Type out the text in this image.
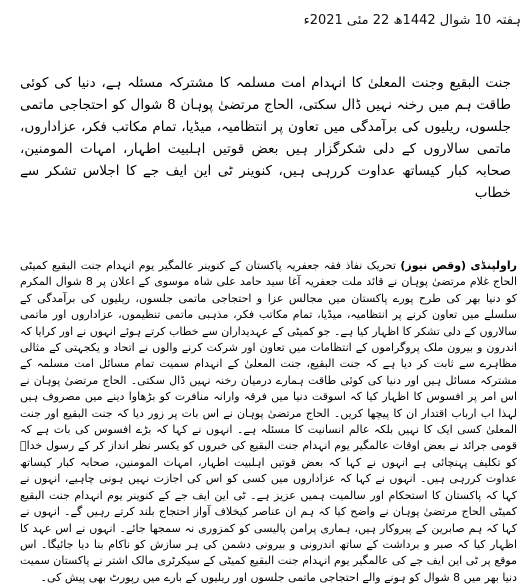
ہفتہ 10 شوال 1442ھ 22 مئی 2021ء
جنت البقیع وجنت المعلیٰ کا انہدام امت مسلمہ کا مشترکہ مسئلہ ہے، دنیا کی کوئی طاقت ہم میں رخنہ نہیں ڈال سکتی، الحاج مرتضیٰ پوہان 8 شوال کو احتجاجی ماتمی جلسوں، ریلیوں کی برآمدگی میں تعاون پر انتظامیہ، میڈیا، تمام مکاتب فکر، عزاداروں، ماتمی سالاروں کے دلی شکرگزار ہیں بعض قوتیں اہلبیت اطہار، امہات المومنین، صحابہ کبار کیساتھ عداوت کررہی ہیں، کنوینر ٹی این ایف جے کا اجلاس تشکر سے خطاب
راولپنڈی (وقص نیوز) تحریک نفاذ فقہ جعفریہ پاکستان کے کنوینر عالمگیر یوم انہدام جنت البقیع کمیٹی الحاج غلام مرتضیٰ پوہان نے قائد ملت جعفریہ آغا سید حامد علی شاہ موسوی کے اعلان پر 8 شوال المکرم کو دنیا بھر کی طرح پورے پاکستان میں مجالس عزا و احتجاجی ماتمی جلسوں، ریلیوں کی برآمدگی کے سلسلے میں تعاون کرنے پر انتظامیہ، میڈیا، تمام مکاتب فکر، مذہبی ماتمی تنظیموں، عزاداروں اور ماتمی سالاروں کے دلی تشکر کا اظہار کیا ہے۔ جو کمیٹی کے عہدیداران سے خطاب کرتے ہوئے انہوں نے اور کرایا کہ اندرون و بیرون ملک پروگراموں کے انتظامات میں تعاون اور شرکت کرنے والوں نے اتحاد و یکجہتی کے مثالی مظاہرے سے ثابت کر دیا ہے کہ جنت البقیع، جنت المعلیٰ کے انہدام سمیت تمام مسائل امت مسلمہ کے مشترکہ مسائل ہیں اور دنیا کی کوئی طاقت ہمارے درمیان رخنہ نہیں ڈال سکتی۔ الحاج مرتضیٰ پوہان نے اس امر پر افسوس کا اظہار کیا کہ اسوقت دنیا میں فرقہ وارانہ منافرت کو بڑھاوا دینے میں مصروف ہیں لہذا اب ارباب اقتدار ان کا پیچھا کریں۔ الحاج مرتضیٰ پوہان نے اس بات پر زور دیا کہ جنت البقیع اور جنت المعلیٰ کسی ایک کا نہیں بلکہ عالم انسانیت کا مسئلہ ہے۔ انہوں نے کہا کہ بڑے افسوس کی بات ہے کہ قومی جرائد نے بعض اوقات عالمگیر یوم انہدام جنت البقیع کی خبروں کو یکسر نظر انداز کر کے رسول خداؐ کو تکلیف پہنچائی ہے انہوں نے کہا کہ بعض قوتیں اہلبیت اطہار، امہات المومنین، صحابہ کبار کیساتھ عداوت کررہی ہیں۔ انہوں نے کہا کہ عزاداروں میں کسی کو اس کی اجازت نہیں ہونی چاہیے، انہوں نے کہا کہ پاکستان کا استحکام اور سالمیت ہمیں عزیز ہے۔ ٹی این ایف جے کے کنوینر یوم انہدام جنت البقیع کمیٹی الحاج مرتضیٰ پوہان نے واضح کیا کہ ہم ان عناصر کیخلاف آواز احتجاج بلند کرتے رہیں گے۔ انہوں نے کہا کہ ہم صابرین کے پیروکار ہیں، ہماری پرامن پالیسی کو کمزوری نہ سمجھا جائے۔ انہوں نے اس عہد کا اظہار کیا کہ صبر و برداشت کے ساتھ اندرونی و بیرونی دشمن کی ہر سازش کو ناکام بنا دیا جائیگا۔ اس موقع پر ٹی این ایف جے کی عالمگیر یوم انہدام جنت البقیع کمیٹی کے سیکرٹری مالک اشتر نے پاکستان سمیت دنیا بھر میں 8 شوال کو ہونے والے احتجاجی ماتمی جلسوں اور ریلیوں کے بارے میں رپورٹ بھی پیش کی۔
